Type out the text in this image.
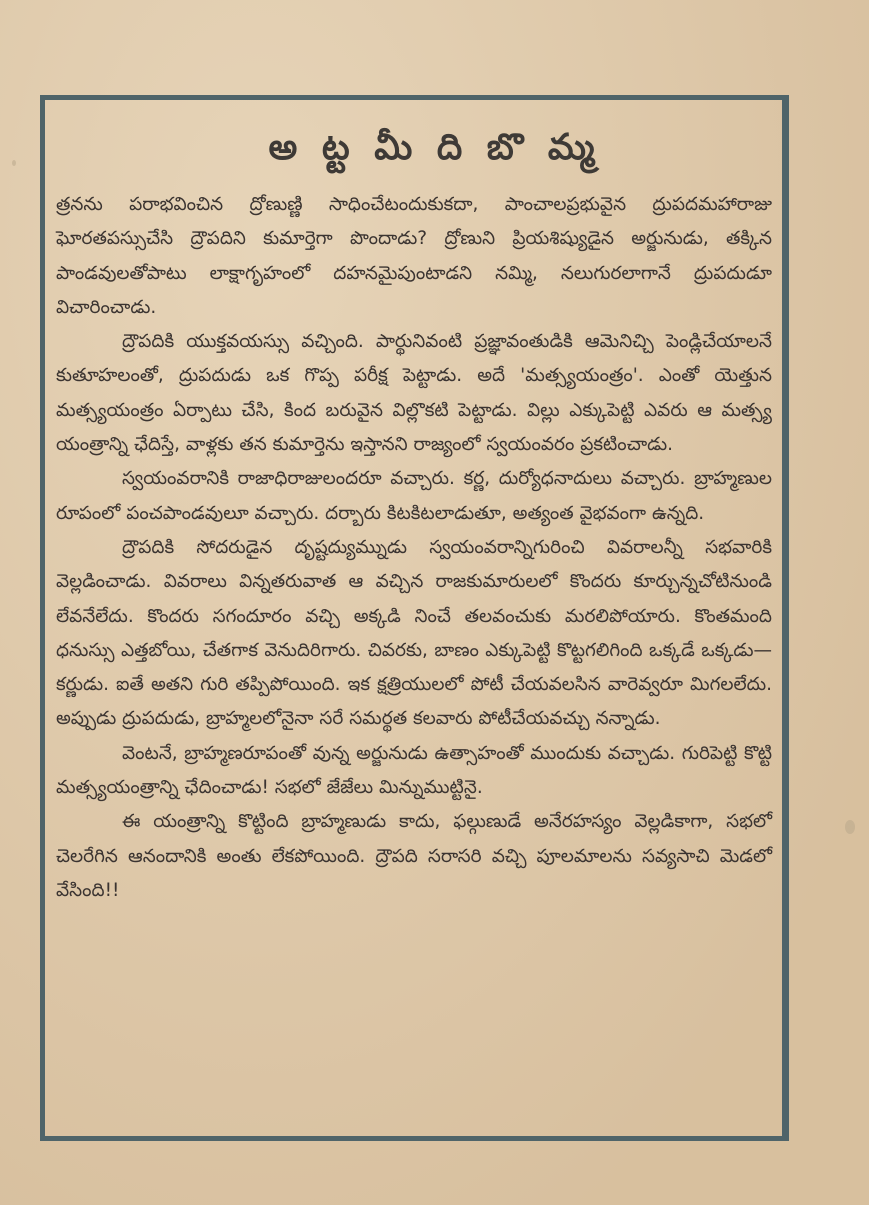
అ ట్ట మీ ది బొ మ్మ

త్రనను పరాభవించిన ద్రోణుణ్ణి సాధించేటందుకుకదా, పాంచాలప్రభువైన ద్రుపదమహారాజు ఘోరతపస్సుచేసి ద్రౌపదిని కుమార్తెగా పొందాడు? ద్రోణుని ప్రియశిష్యుడైన అర్జునుడు, తక్కిన పాండవులతోపాటు లాక్షాగృహంలో దహనమైపుంటాడని నమ్మి, నలుగురలాగానే ద్రుపదుడూ విచారించాడు.

ద్రౌపదికి యుక్తవయస్సు వచ్చింది. పార్థునివంటి ప్రజ్ఞావంతుడికి ఆమెనిచ్చి పెండ్లిచేయాలనే కుతూహలంతో, ద్రుపదుడు ఒక గొప్ప పరీక్ష పెట్టాడు. అదే 'మత్స్యయంత్రం'. ఎంతో యెత్తున మత్స్యయంత్రం ఏర్పాటు చేసి, కింద బరువైన విల్లొకటి పెట్టాడు. విల్లు ఎక్కుపెట్టి ఎవరు ఆ మత్స్య యంత్రాన్ని ఛేదిస్తే, వాళ్లకు తన కుమార్తెను ఇస్తానని రాజ్యంలో స్వయంవరం ప్రకటించాడు.

స్వయంవరానికి రాజాధిరాజులందరూ వచ్చారు. కర్ణ, దుర్యోధనాదులు వచ్చారు. బ్రాహ్మణుల రూపంలో పంచపాండవులూ వచ్చారు. దర్బారు కిటకిటలాడుతూ, అత్యంత వైభవంగా ఉన్నది.

ద్రౌపదికి సోదరుడైన దృష్టద్యుమ్నుడు స్వయంవరాన్నిగురించి వివరాలన్నీ సభవారికి వెల్లడించాడు. వివరాలు విన్నతరువాత ఆ వచ్చిన రాజకుమారులలో కొందరు కూర్చున్నచోటినుండి లేవనేలేదు. కొందరు సగందూరం వచ్చి అక్కడి నించే తలవంచుకు మరలిపోయారు. కొంతమంది ధనుస్సు ఎత్తబోయి, చేతగాక వెనుదిరిగారు. చివరకు, బాణం ఎక్కుపెట్టి కొట్టగలిగింది ఒక్కడే ఒక్కడు—కర్ణుడు. ఐతే అతని గురి తప్పిపోయింది. ఇక క్షత్రియులలో పోటీ చేయవలసిన వారెవ్వరూ మిగలలేదు. అప్పుడు ద్రుపదుడు, బ్రాహ్మలలోనైనా సరే సమర్థత కలవారు పోటీచేయవచ్చు నన్నాడు.

వెంటనే, బ్రాహ్మణరూపంతో వున్న అర్జునుడు ఉత్సాహంతో ముందుకు వచ్చాడు. గురిపెట్టి కొట్టి మత్స్యయంత్రాన్ని ఛేదించాడు! సభలో జేజేలు మిన్నుముట్టినై.

ఈ యంత్రాన్ని కొట్టింది బ్రాహ్మణుడు కాదు, ఫల్గుణుడే అనేరహస్యం వెల్లడికాగా, సభలో చెలరేగిన ఆనందానికి అంతు లేకపోయింది. ద్రౌపది సరాసరి వచ్చి పూలమాలను సవ్యసాచి మెడలో వేసింది!!
